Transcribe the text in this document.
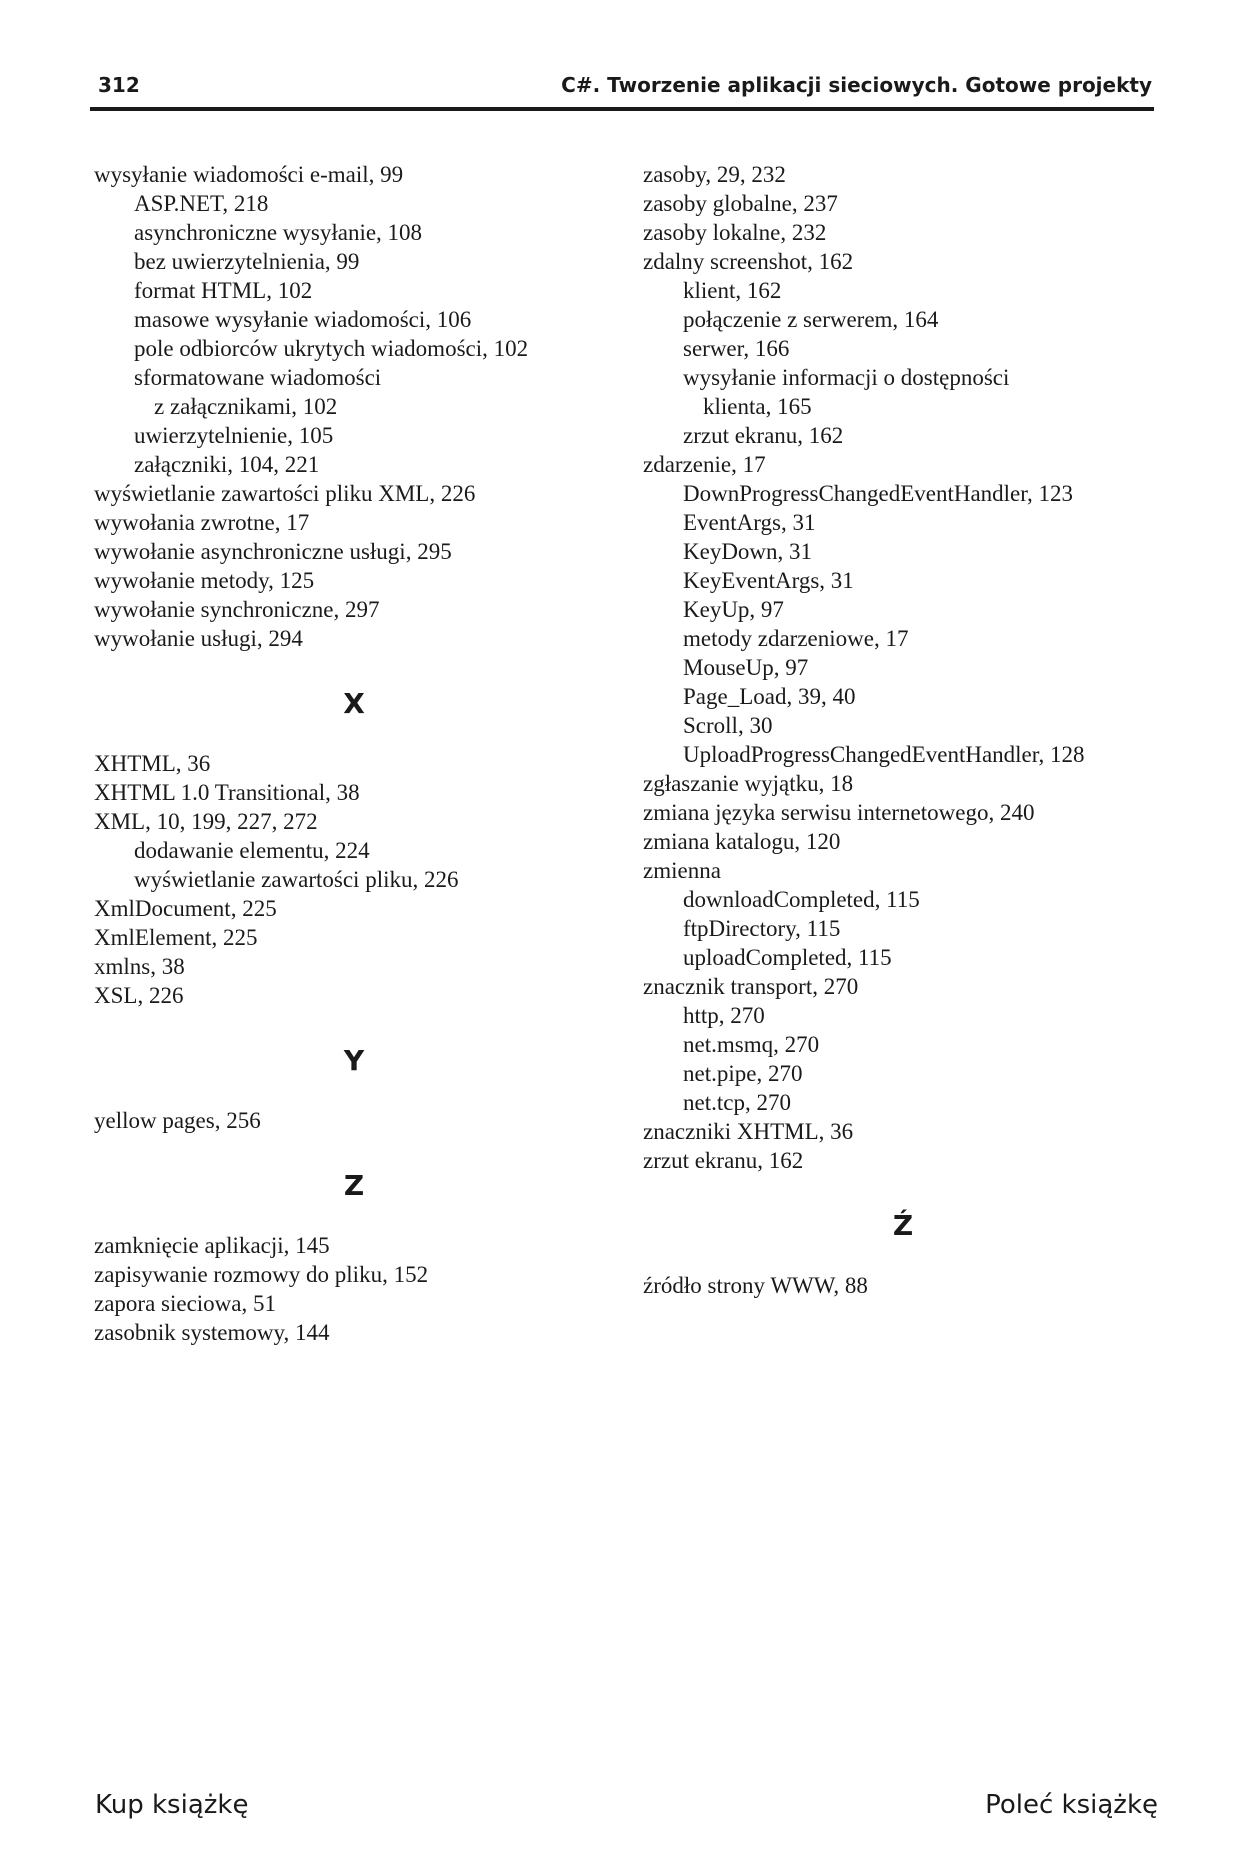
312	C#. Tworzenie aplikacji sieciowych. Gotowe projekty
wysyłanie wiadomości e-mail, 99
ASP.NET, 218
asynchroniczne wysyłanie, 108
bez uwierzytelnienia, 99
format HTML, 102
masowe wysyłanie wiadomości, 106
pole odbiorców ukrytych wiadomości, 102
sformatowane wiadomości
z załącznikami, 102
uwierzytelnienie, 105
załączniki, 104, 221
wyświetlanie zawartości pliku XML, 226
wywołania zwrotne, 17
wywołanie asynchroniczne usługi, 295
wywołanie metody, 125
wywołanie synchroniczne, 297
wywołanie usługi, 294
X
XHTML, 36
XHTML 1.0 Transitional, 38
XML, 10, 199, 227, 272
dodawanie elementu, 224
wyświetlanie zawartości pliku, 226
XmlDocument, 225
XmlElement, 225
xmlns, 38
XSL, 226
Y
yellow pages, 256
Z
zamknięcie aplikacji, 145
zapisywanie rozmowy do pliku, 152
zapora sieciowa, 51
zasobnik systemowy, 144
zasoby, 29, 232
zasoby globalne, 237
zasoby lokalne, 232
zdalny screenshot, 162
klient, 162
połączenie z serwerem, 164
serwer, 166
wysyłanie informacji o dostępności
klienta, 165
zrzut ekranu, 162
zdarzenie, 17
DownProgressChangedEventHandler, 123
EventArgs, 31
KeyDown, 31
KeyEventArgs, 31
KeyUp, 97
metody zdarzeniowe, 17
MouseUp, 97
Page_Load, 39, 40
Scroll, 30
UploadProgressChangedEventHandler, 128
zgłaszanie wyjątku, 18
zmiana języka serwisu internetowego, 240
zmiana katalogu, 120
zmienna
downloadCompleted, 115
ftpDirectory, 115
uploadCompleted, 115
znacznik transport, 270
http, 270
net.msmq, 270
net.pipe, 270
net.tcp, 270
znaczniki XHTML, 36
zrzut ekranu, 162
Ź
źródło strony WWW, 88
Kup książkę	Poleć książkę
